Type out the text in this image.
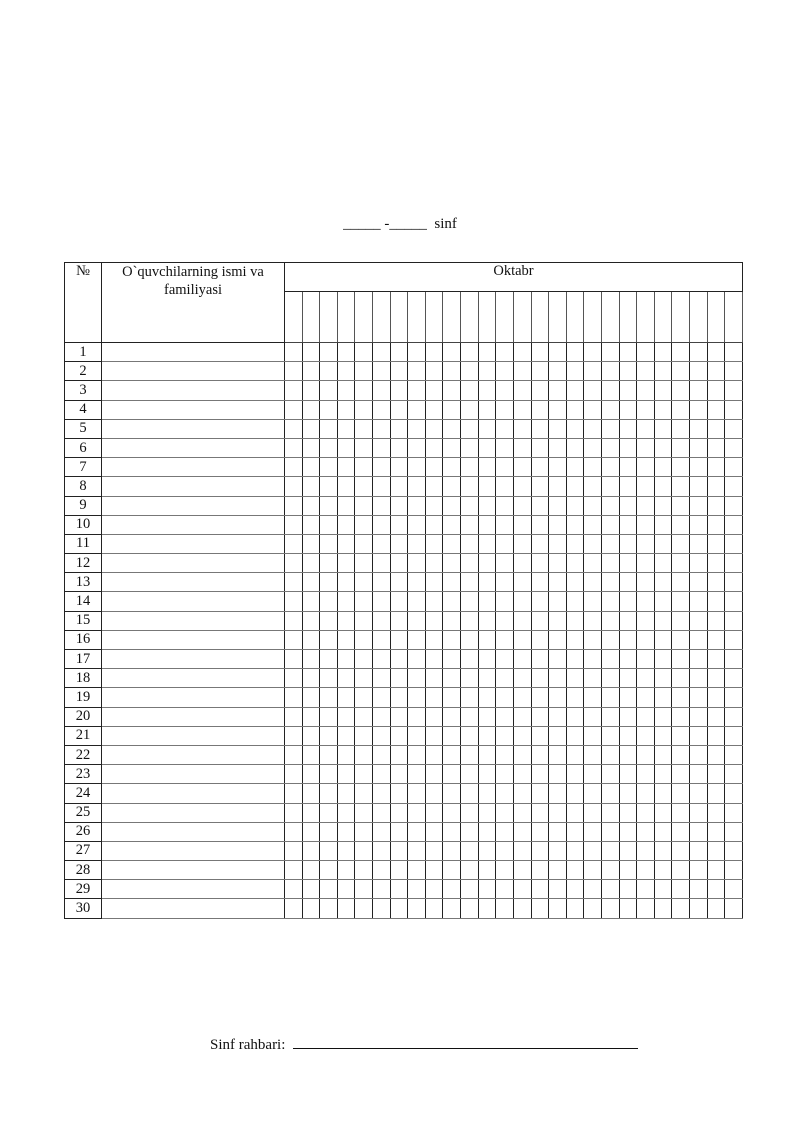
_____ -_____  sinf
№	O`quvchilarning ismi va familiyasi	Oktabr																									

1																											
2																											
3																											
4																											
5																											
6																											
7																											
8																											
9																											
10																											
11																											
12																											
13																											
14																											
15																											
16																											
17																											
18																											
19																											
20																											
21																											
22																											
23																											
24																											
25																											
26																											
27																											
28																											
29																											
30																											
Sinf rahbari:
